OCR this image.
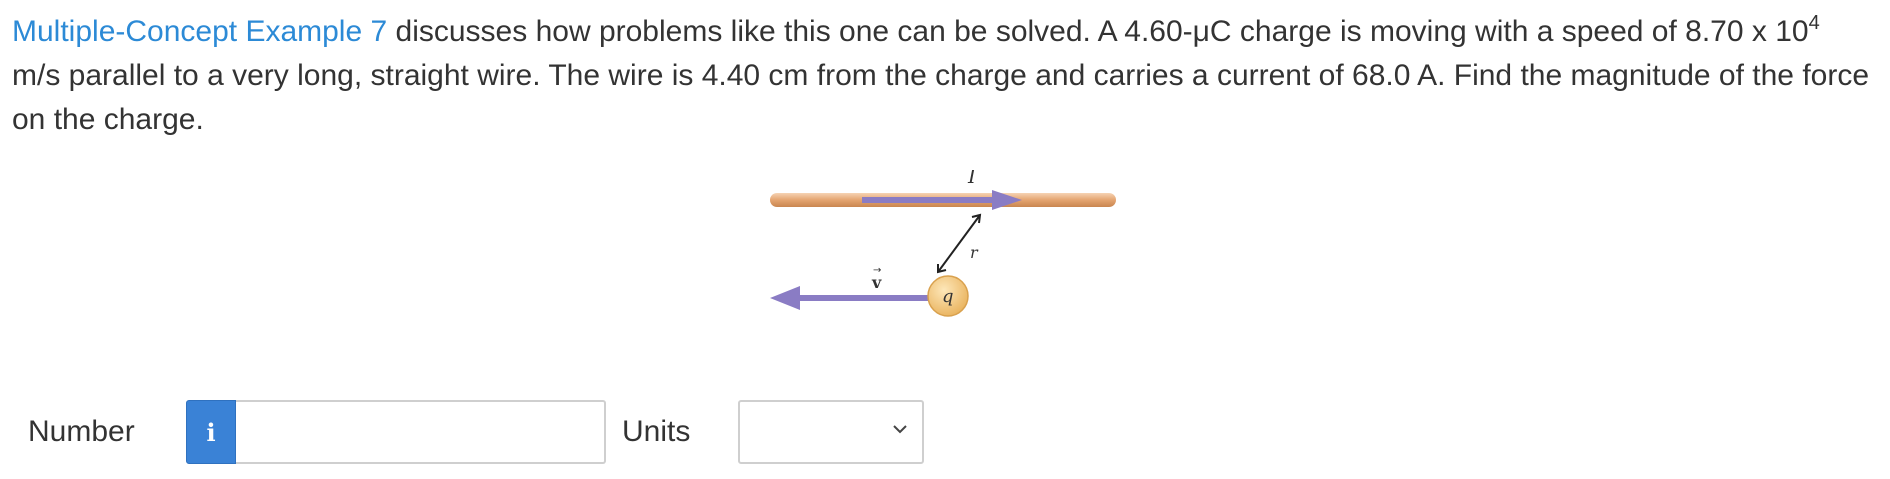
Multiple-Concept Example 7 discusses how problems like this one can be solved. A 4.60-μC charge is moving with a speed of 8.70 x $10^4$ m/s parallel to a very long, straight wire. The wire is 4.40 cm from the charge and carries a current of 68.0 A. Find the magnitude of the force on the charge.
I
r
v
→
q
Number	i	Units
